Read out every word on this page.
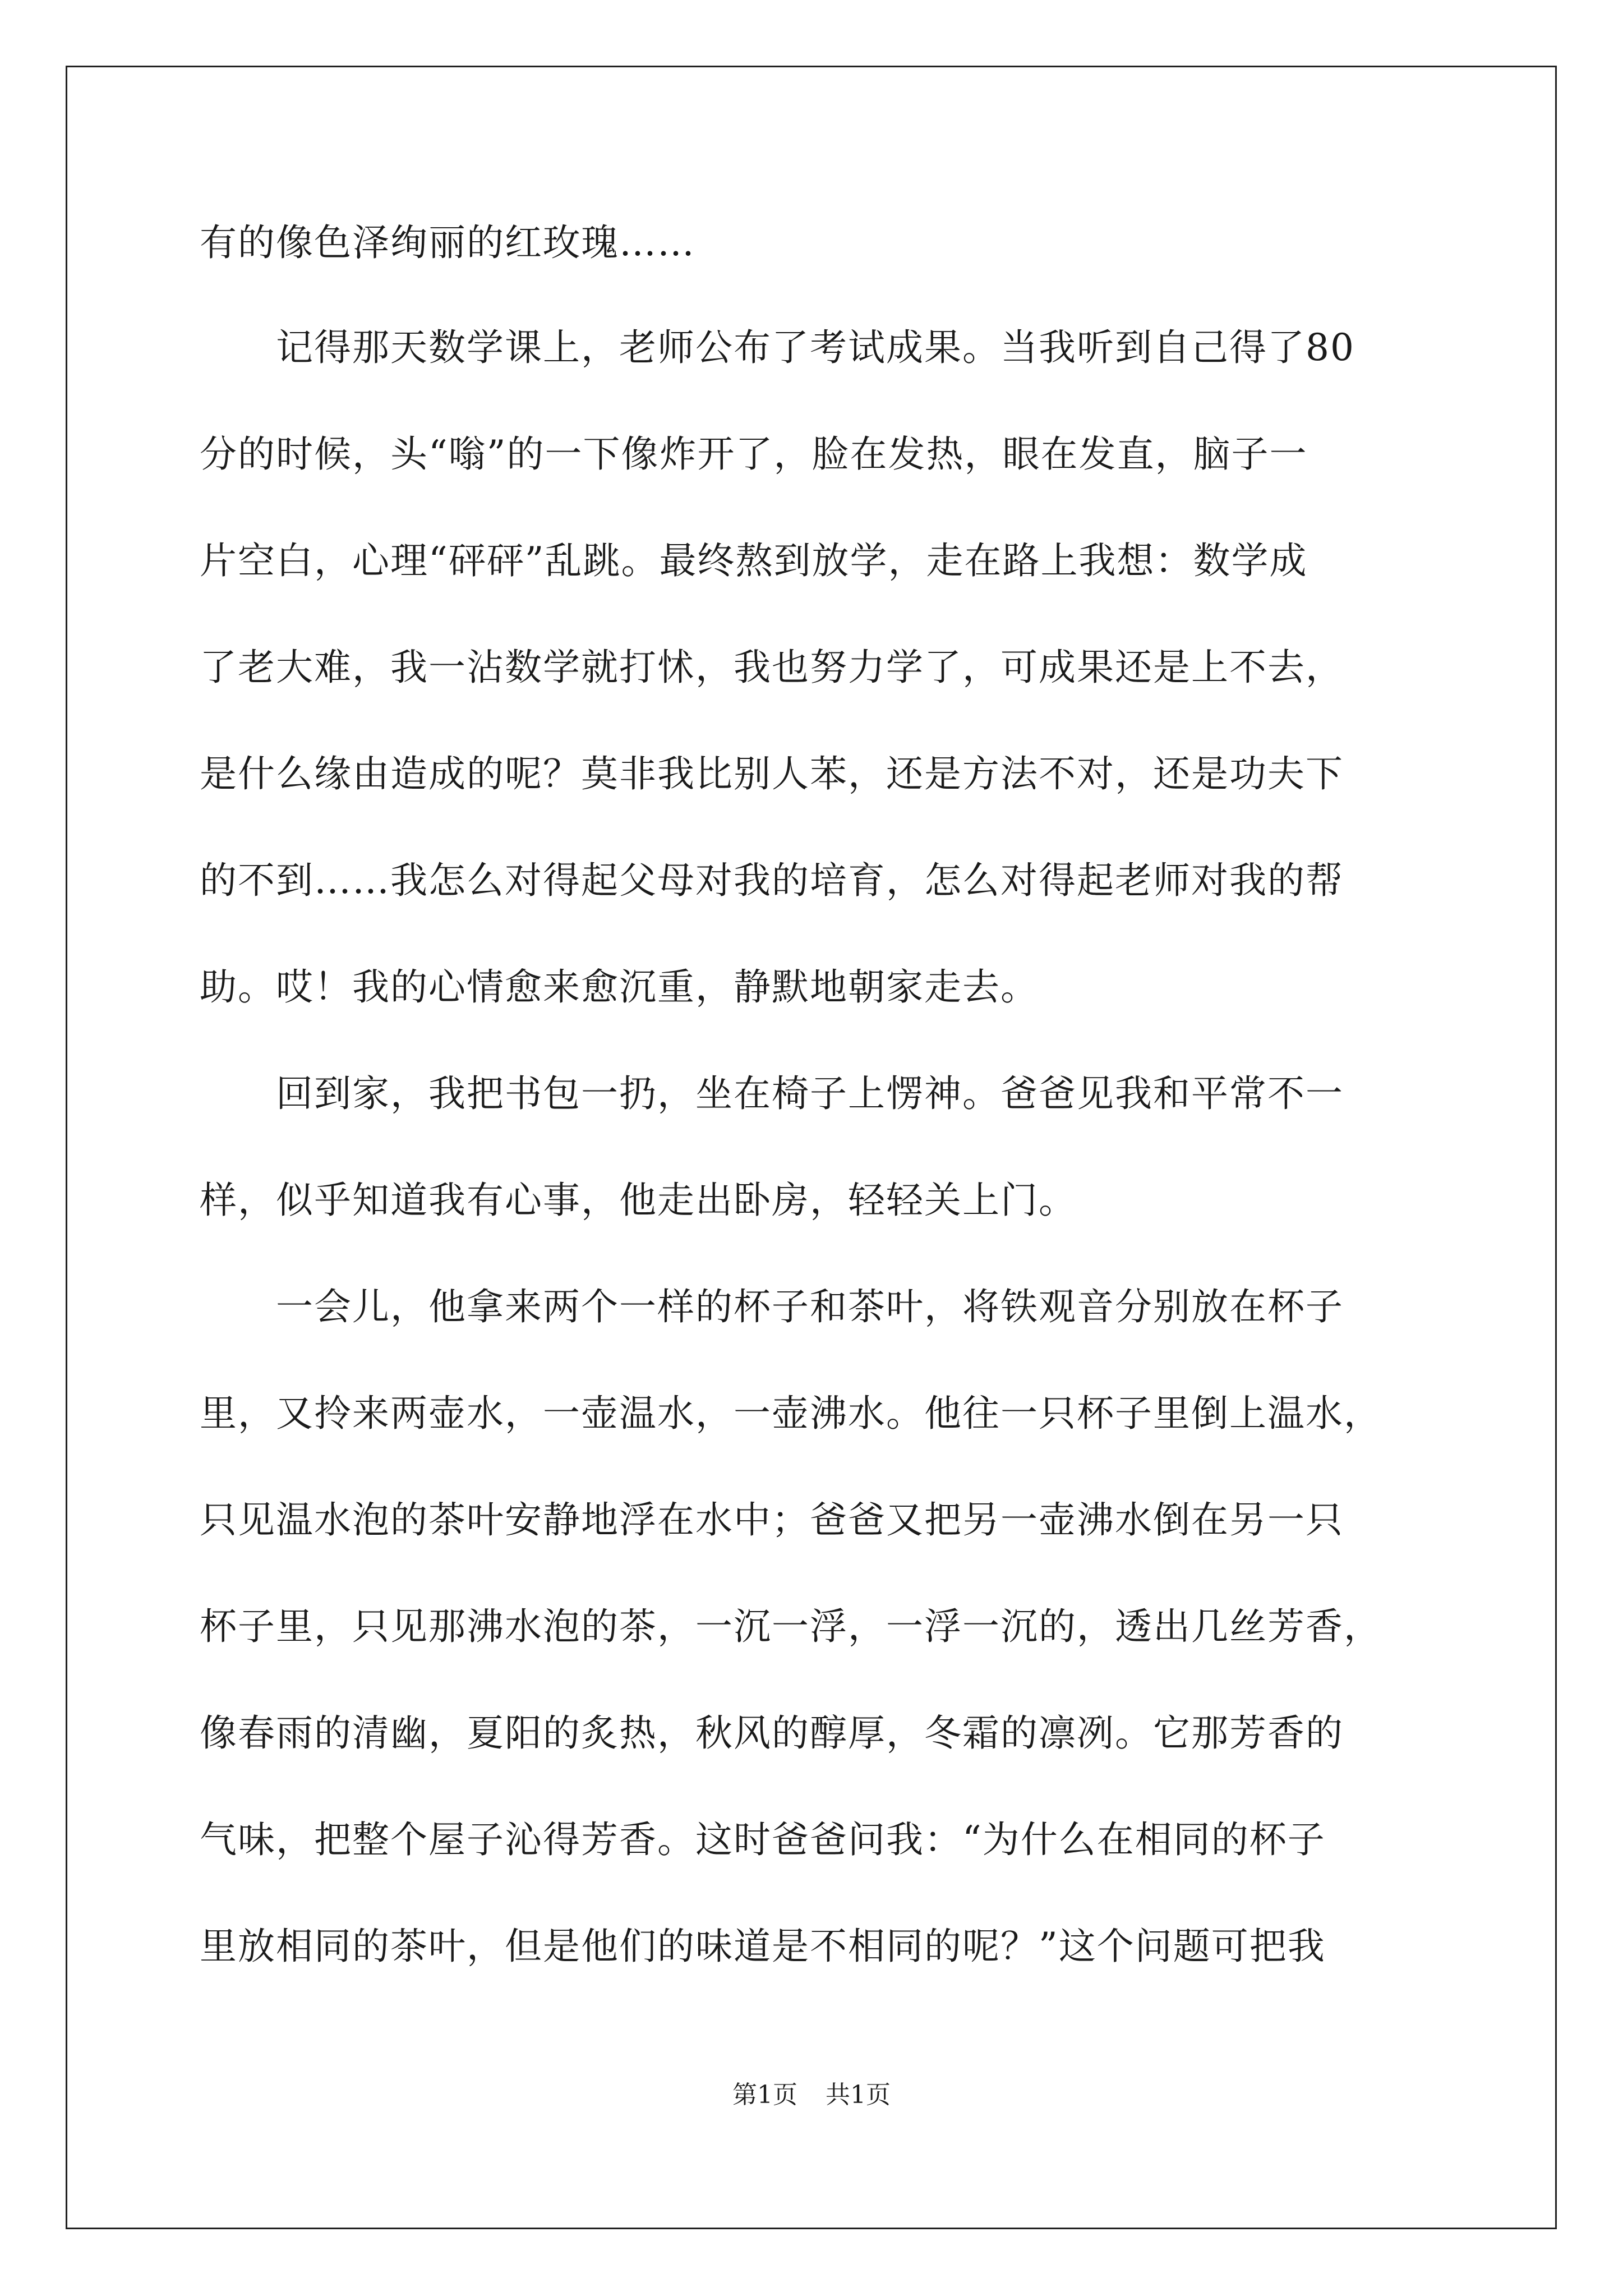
有的像色泽绚丽的红玫瑰……

　　记得那天数学课上，老师公布了考试成果。当我听到自己得了80

分的时候，头“嗡”的一下像炸开了，脸在发热，眼在发直，脑子一

片空白，心理“砰砰”乱跳。最终熬到放学，走在路上我想：数学成

了老大难，我一沾数学就打怵，我也努力学了，可成果还是上不去，

是什么缘由造成的呢？莫非我比别人苯，还是方法不对，还是功夫下

的不到……我怎么对得起父母对我的培育，怎么对得起老师对我的帮

助。哎！我的心情愈来愈沉重，静默地朝家走去。

　　回到家，我把书包一扔，坐在椅子上愣神。爸爸见我和平常不一

样，似乎知道我有心事，他走出卧房，轻轻关上门。

　　一会儿，他拿来两个一样的杯子和茶叶，将铁观音分别放在杯子

里，又拎来两壶水，一壶温水，一壶沸水。他往一只杯子里倒上温水，

只见温水泡的茶叶安静地浮在水中；爸爸又把另一壶沸水倒在另一只

杯子里，只见那沸水泡的茶，一沉一浮，一浮一沉的，透出几丝芳香，

像春雨的清幽，夏阳的炙热，秋风的醇厚，冬霜的凛冽。它那芳香的

气味，把整个屋子沁得芳香。这时爸爸问我：“为什么在相同的杯子

里放相同的茶叶，但是他们的味道是不相同的呢？”这个问题可把我

第1页 共1页
